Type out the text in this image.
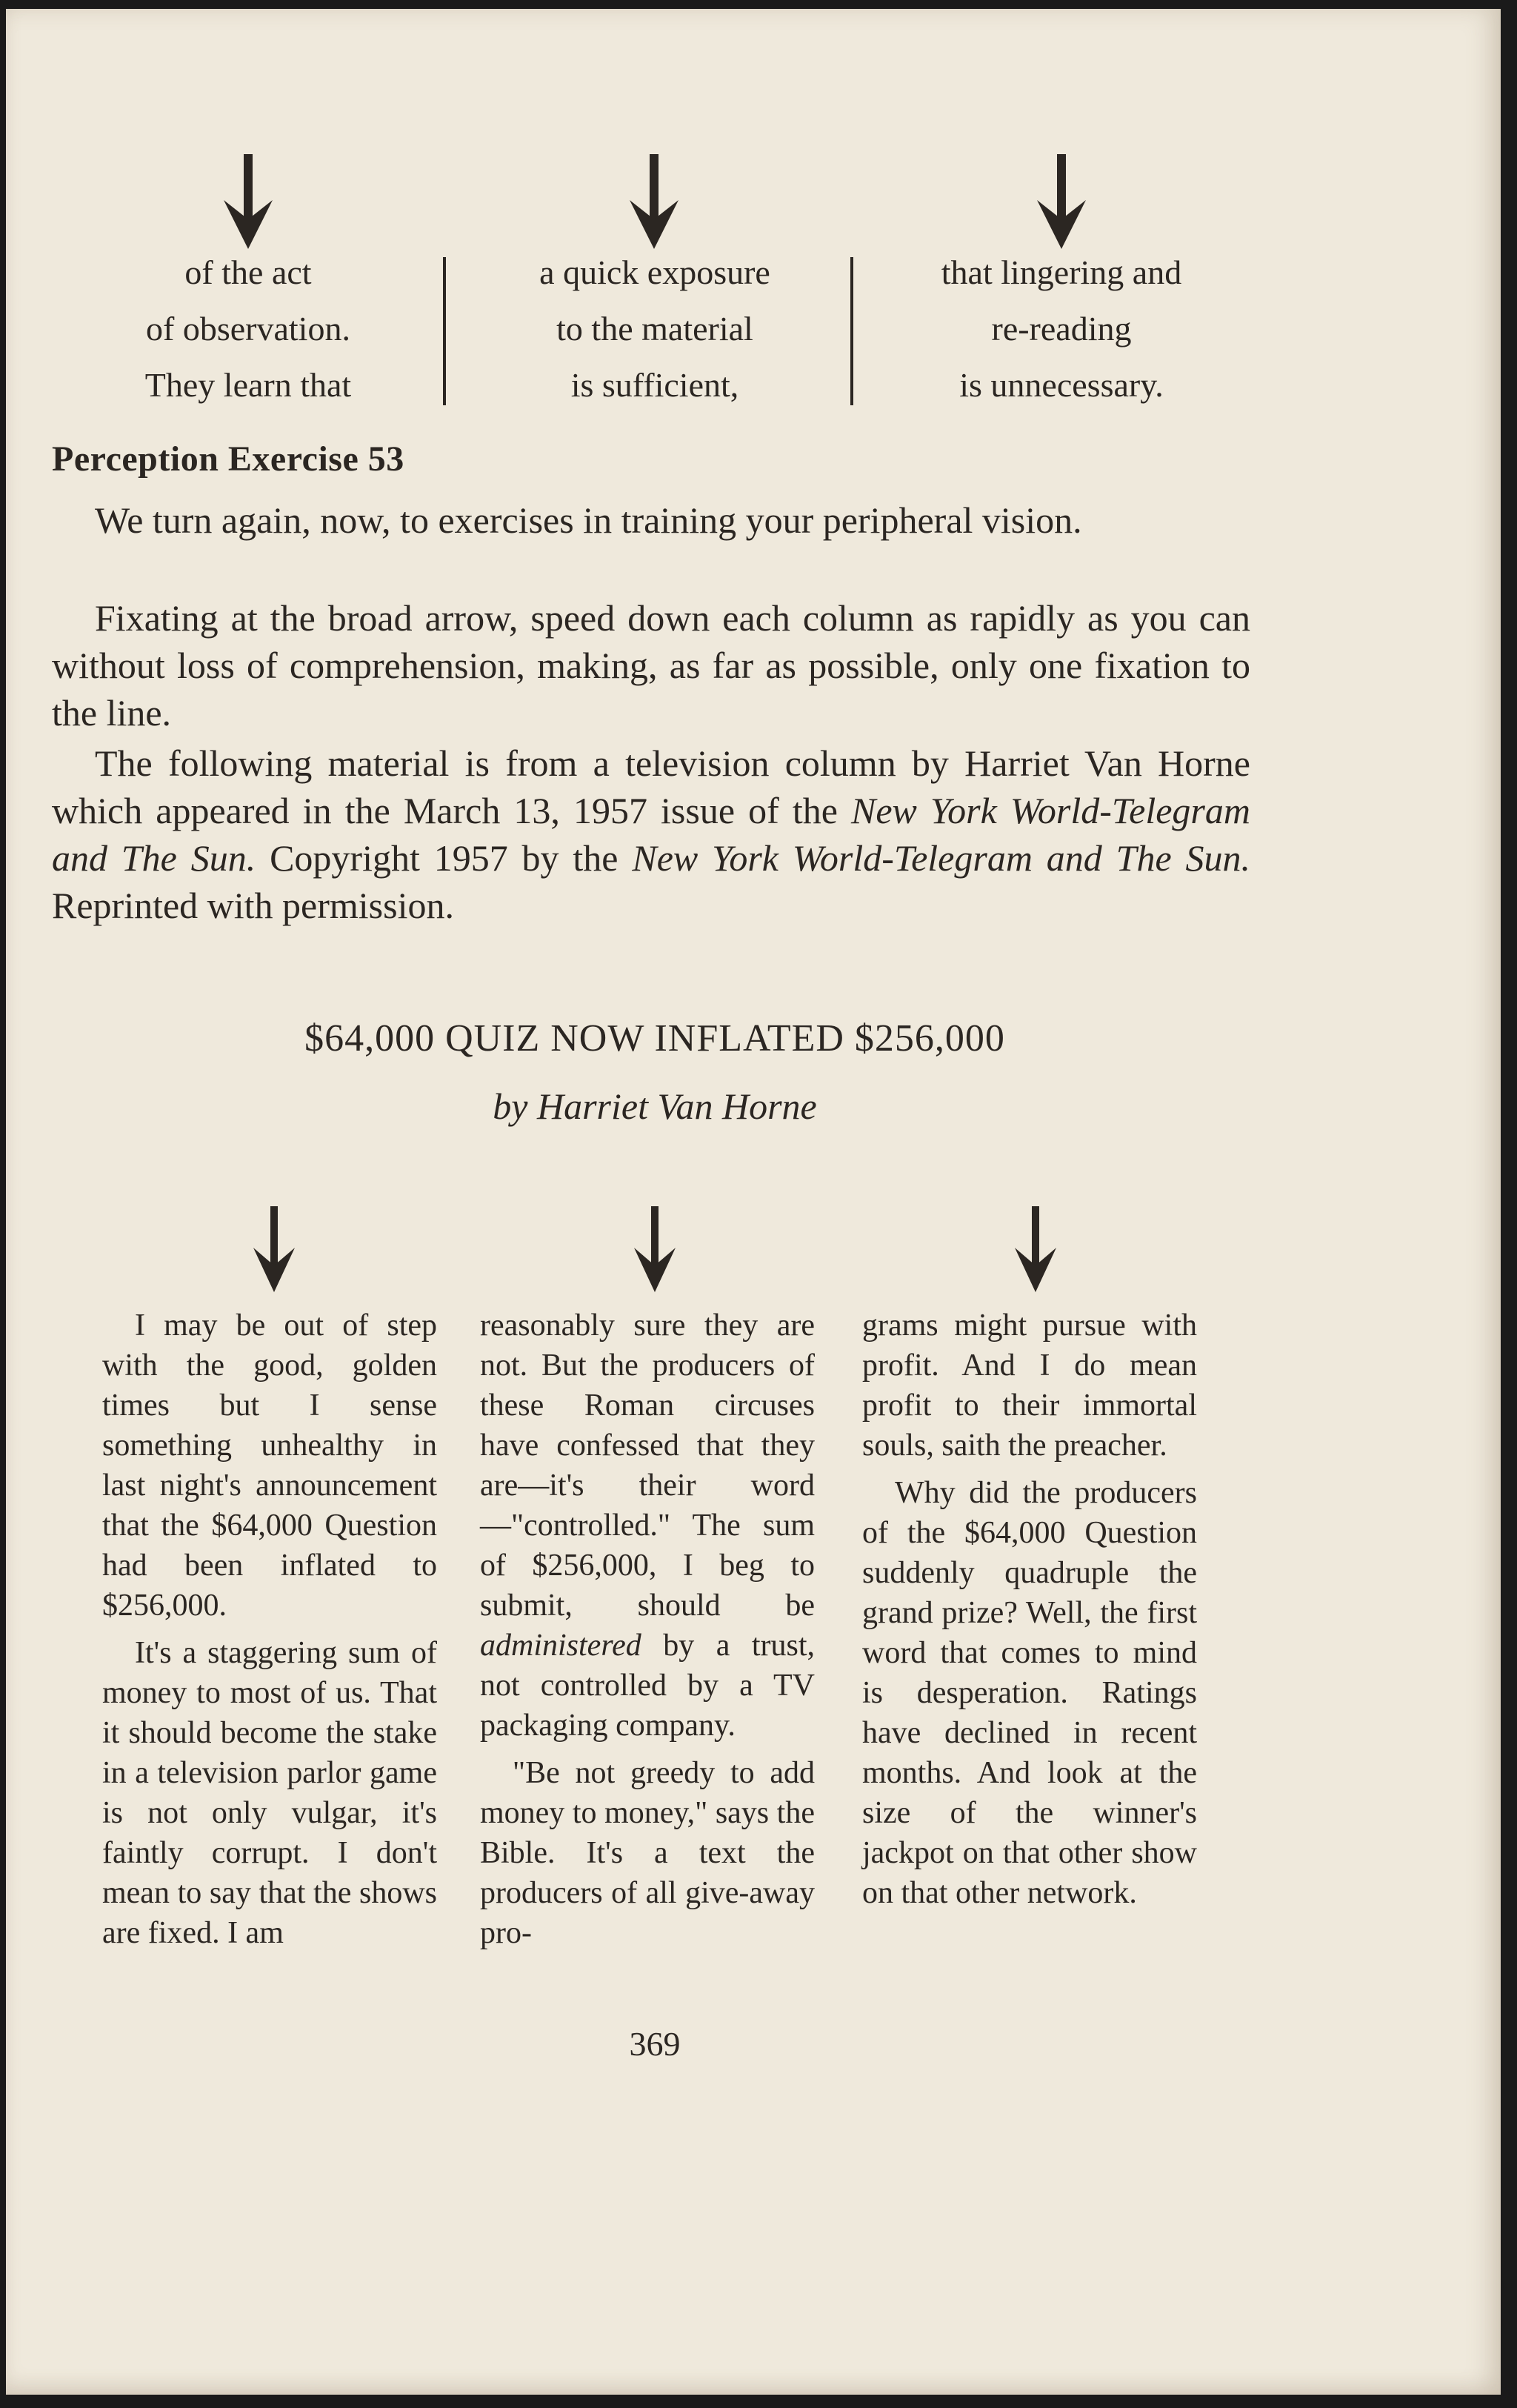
of the act
of observation.
They learn that
a quick exposure
to the material
is sufficient,
that lingering and
re-reading
is unnecessary.
Perception Exercise 53

We turn again, now, to exercises in training your peripheral vision.

Fixating at the broad arrow, speed down each column as rapidly as you can without loss of comprehension, making, as far as possible, only one fixation to the line.

The following material is from a television column by Harriet Van Horne which appeared in the March 13, 1957 issue of the New York World-Telegram and The Sun. Copyright 1957 by the New York World-Telegram and The Sun. Reprinted with permission.

$64,000 QUIZ NOW INFLATED $256,000
by Harriet Van Horne

I may be out of step with the good, golden times but I sense something unhealthy in last night's announcement that the $64,000 Question had been inflated to $256,000.

It's a staggering sum of money to most of us. That it should become the stake in a television parlor game is not only vulgar, it's faintly corrupt. I don't mean to say that the shows are fixed. I am

reasonably sure they are not. But the producers of these Roman circuses have confessed that they are—it's their word—"controlled." The sum of $256,000, I beg to submit, should be administered by a trust, not controlled by a TV packaging company.

"Be not greedy to add money to money," says the Bible. It's a text the producers of all give-away pro-

grams might pursue with profit. And I do mean profit to their immortal souls, saith the preacher.

Why did the producers of the $64,000 Question suddenly quadruple the grand prize? Well, the first word that comes to mind is desperation. Ratings have declined in recent months. And look at the size of the winner's jackpot on that other show on that other network.

369
